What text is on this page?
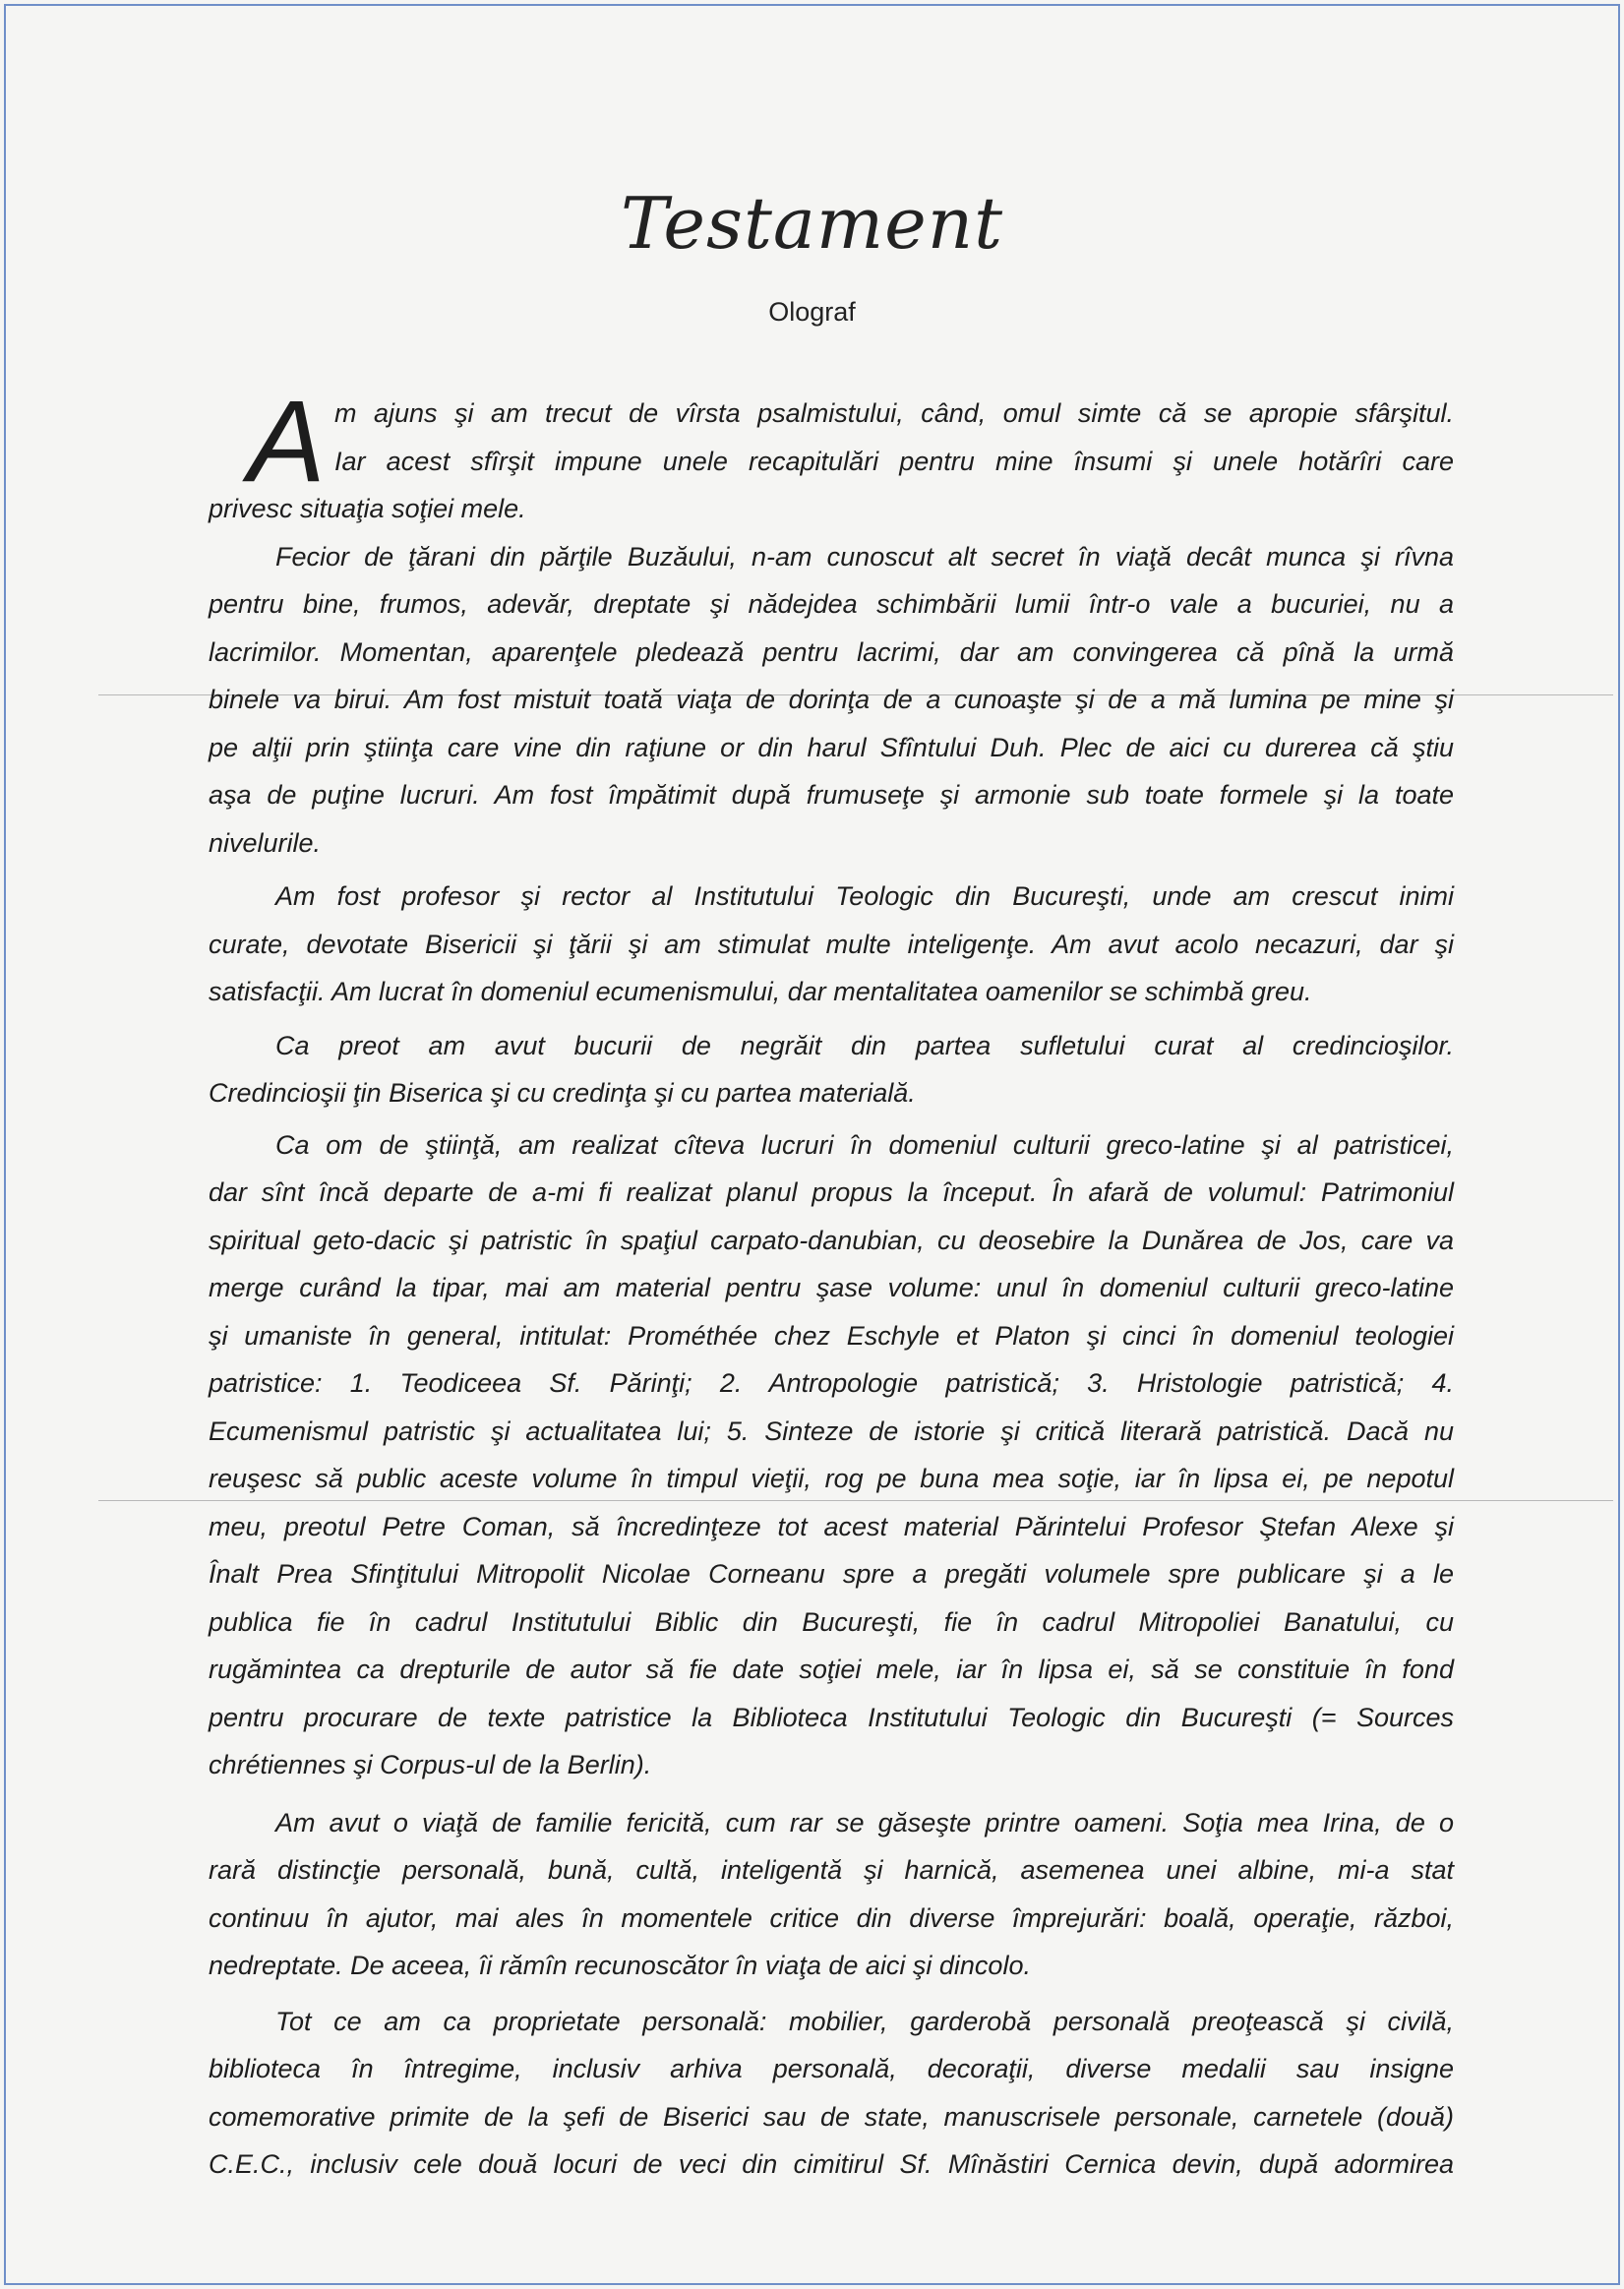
Testament
Olograf
A m ajuns şi am trecut de vîrsta psalmistului, când, omul simte că se apropie sfârşitul.
Iar acest sfîrşit impune unele recapitulări pentru mine însumi şi unele hotărîri care
privesc situaţia soţiei mele.
Fecior de ţărani din părţile Buzăului, n-am cunoscut alt secret în viaţă decât munca şi rîvna
pentru bine, frumos, adevăr, dreptate şi nădejdea schimbării lumii într-o vale a bucuriei, nu a
lacrimilor. Momentan, aparenţele pledează pentru lacrimi, dar am convingerea că pînă la urmă
binele va birui. Am fost mistuit toată viaţa de dorinţa de a cunoaşte şi de a mă lumina pe mine şi
pe alţii prin ştiinţa care vine din raţiune or din harul Sfîntului Duh. Plec de aici cu durerea că ştiu
aşa de puţine lucruri. Am fost împătimit după frumuseţe şi armonie sub toate formele şi la toate
nivelurile.
Am fost profesor şi rector al Institutului Teologic din Bucureşti, unde am crescut inimi
curate, devotate Bisericii şi ţării şi am stimulat multe inteligenţe. Am avut acolo necazuri, dar şi
satisfacţii. Am lucrat în domeniul ecumenismului, dar mentalitatea oamenilor se schimbă greu.
Ca preot am avut bucurii de negrăit din partea sufletului curat al credincioşilor.
Credincioşii ţin Biserica şi cu credinţa şi cu partea materială.
Ca om de ştiinţă, am realizat cîteva lucruri în domeniul culturii greco-latine şi al patristicei,
dar sînt încă departe de a-mi fi realizat planul propus la început. În afară de volumul: Patrimoniul
spiritual geto-dacic şi patristic în spaţiul carpato-danubian, cu deosebire la Dunărea de Jos, care va
merge curând la tipar, mai am material pentru şase volume: unul în domeniul culturii greco-latine
şi umaniste în general, intitulat: Prométhée chez Eschyle et Platon şi cinci în domeniul teologiei
patristice: 1. Teodiceea Sf. Părinţi; 2. Antropologie patristică; 3. Hristologie patristică; 4.
Ecumenismul patristic şi actualitatea lui; 5. Sinteze de istorie şi critică literară patristică. Dacă nu
reuşesc să public aceste volume în timpul vieţii, rog pe buna mea soţie, iar în lipsa ei, pe nepotul
meu, preotul Petre Coman, să încredinţeze tot acest material Părintelui Profesor Ştefan Alexe şi
Înalt Prea Sfinţitului Mitropolit Nicolae Corneanu spre a pregăti volumele spre publicare şi a le
publica fie în cadrul Institutului Biblic din Bucureşti, fie în cadrul Mitropoliei Banatului, cu
rugămintea ca drepturile de autor să fie date soţiei mele, iar în lipsa ei, să se constituie în fond
pentru procurare de texte patristice la Biblioteca Institutului Teologic din Bucureşti (= Sources
chrétiennes şi Corpus-ul de la Berlin).
Am avut o viaţă de familie fericită, cum rar se găseşte printre oameni. Soţia mea Irina, de o
rară distincţie personală, bună, cultă, inteligentă şi harnică, asemenea unei albine, mi-a stat
continuu în ajutor, mai ales în momentele critice din diverse împrejurări: boală, operaţie, război,
nedreptate. De aceea, îi rămîn recunoscător în viaţa de aici şi dincolo.
Tot ce am ca proprietate personală: mobilier, garderobă personală preoţească şi civilă,
biblioteca în întregime, inclusiv arhiva personală, decoraţii, diverse medalii sau insigne
comemorative primite de la şefi de Biserici sau de state, manuscrisele personale, carnetele (două)
C.E.C., inclusiv cele două locuri de veci din cimitirul Sf. Mînăstiri Cernica devin, după adormirea
